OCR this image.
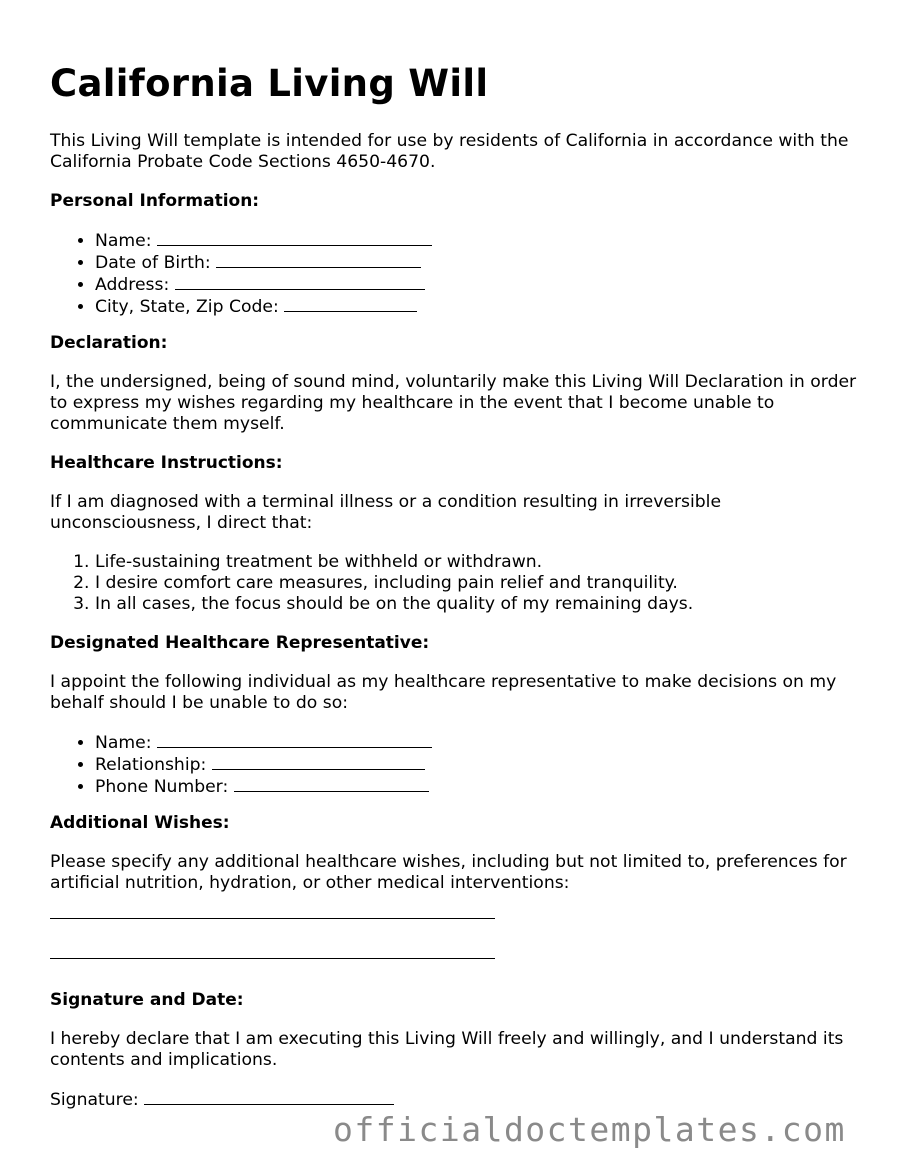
California Living Will

This Living Will template is intended for use by residents of California in accordance with the California Probate Code Sections 4650-4670.

Personal Information:

• Name:
• Date of Birth:
• Address:
• City, State, Zip Code:

Declaration:

I, the undersigned, being of sound mind, voluntarily make this Living Will Declaration in order to express my wishes regarding my healthcare in the event that I become unable to communicate them myself.

Healthcare Instructions:

If I am diagnosed with a terminal illness or a condition resulting in irreversible unconsciousness, I direct that:

1. Life-sustaining treatment be withheld or withdrawn.
2. I desire comfort care measures, including pain relief and tranquility.
3. In all cases, the focus should be on the quality of my remaining days.

Designated Healthcare Representative:

I appoint the following individual as my healthcare representative to make decisions on my behalf should I be unable to do so:

• Name:
• Relationship:
• Phone Number:

Additional Wishes:

Please specify any additional healthcare wishes, including but not limited to, preferences for artificial nutrition, hydration, or other medical interventions:

Signature and Date:

I hereby declare that I am executing this Living Will freely and willingly, and I understand its contents and implications.

Signature:

officialdoctemplates.com
